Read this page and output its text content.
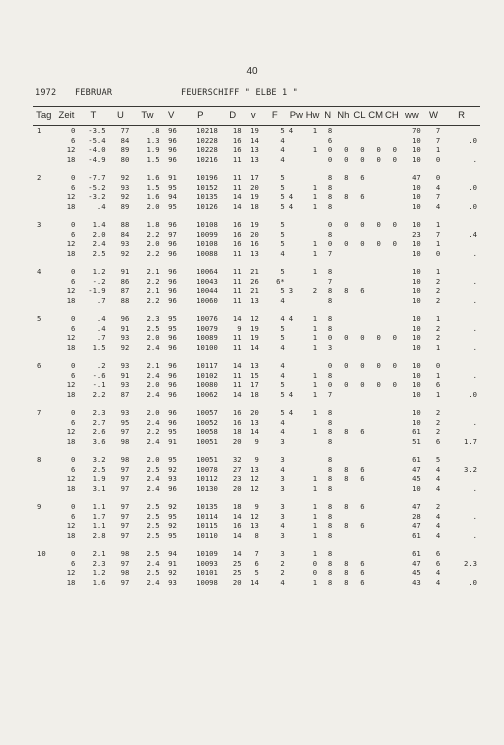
40
1972 FEBRUAR	FEUERSCHIFF " ELBE 1 "
Tag	Zeit	T	U	Tw	V	P	D	v	F	Pw	Hw	N	Nh	CL	CM	CH	ww	W	R
1	0	-3.5	77	.8	96	10218	18	19	5	4	1	8					70	7	
	6	-5.4	84	1.3	96	10228	16	14	4			6					10	7	.0
	12	-4.0	89	1.9	96	10228	16	13	4		1	0	0	0	0	0	10	1	
	18	-4.9	80	1.5	96	10216	11	13	4			0	0	0	0	0	10	0	.

2	0	-7.7	92	1.6	91	10196	11	17	5			8	8	6			47	0	
	6	-5.2	93	1.5	95	10152	11	20	5		1	8					10	4	.0
	12	-3.2	92	1.6	94	10135	14	19	5	4	1	8	8	6			10	7	
	18	.4	89	2.0	95	10126	14	18	5	4	1	8					10	4	.0

3	0	1.4	88	1.8	96	10108	16	19	5			0	0	0	0	0	10	1	
	6	2.0	84	2.2	97	10099	16	20	5			8					23	7	.4
	12	2.4	93	2.0	96	10108	16	16	5		1	0	0	0	0	0	10	1	
	18	2.5	92	2.2	96	10088	11	13	4		1	7					10	0	.

4	0	1.2	91	2.1	96	10064	11	21	5		1	8					10	1	
	6	-.2	86	2.2	96	10043	11	26	6*			7					10	2	.
	12	-1.9	87	2.1	96	10044	11	21	5	3	2	8	8	6			10	2	
	18	.7	88	2.2	96	10060	11	13	4			8					10	2	.

5	0	.4	96	2.3	95	10076	14	12	4	4	1	8					10	1	
	6	.4	91	2.5	95	10079	9	19	5		1	8					10	2	.
	12	.7	93	2.0	96	10089	11	19	5		1	0	0	0	0	0	10	2	
	18	1.5	92	2.4	96	10100	11	14	4		1	3					10	1	.

6	0	.2	93	2.1	96	10117	14	13	4			0	0	0	0	0	10	0	
	6	-.6	91	2.4	96	10102	11	15	4		1	8					10	1	.
	12	-.1	93	2.0	96	10080	11	17	5		1	0	0	0	0	0	10	6	
	18	2.2	87	2.4	96	10062	14	18	5	4	1	7					10	1	.0

7	0	2.3	93	2.0	96	10057	16	20	5	4	1	8					10	2	
	6	2.7	95	2.4	96	10052	16	13	4			8					10	2	.
	12	2.6	97	2.2	95	10058	18	14	4		1	8	8	6			61	2	
	18	3.6	98	2.4	91	10051	20	9	3			8					51	6	1.7

8	0	3.2	98	2.0	95	10051	32	9	3			8					61	5	
	6	2.5	97	2.5	92	10078	27	13	4			8	8	6			47	4	3.2
	12	1.9	97	2.4	93	10112	23	12	3		1	8	8	6			45	4	
	18	3.1	97	2.4	96	10130	20	12	3		1	8					10	4	.

9	0	1.1	97	2.5	92	10135	18	9	3		1	8	8	6			47	2	
	6	1.7	97	2.5	95	10114	14	12	3		1	8					28	4	.
	12	1.1	97	2.5	92	10115	16	13	4		1	8	8	6			47	4	
	18	2.8	97	2.5	95	10110	14	8	3		1	8					61	4	.

10	0	2.1	98	2.5	94	10109	14	7	3		1	8					61	6	
	6	2.3	97	2.4	91	10093	25	6	2		0	8	8	6			47	6	2.3
	12	1.2	98	2.5	92	10101	25	5	2		0	8	8	6			45	4	
	18	1.6	97	2.4	93	10098	20	14	4		1	8	8	6			43	4	.0
